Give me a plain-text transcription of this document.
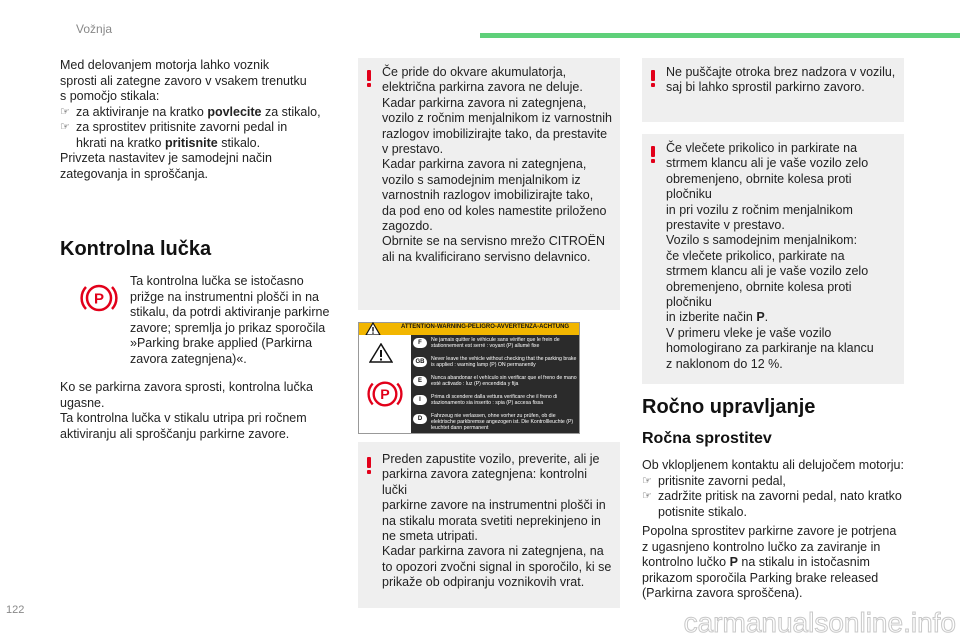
Vožnja

Med delovanjem motorja lahko voznik

sprosti ali zategne zavoro v vsakem trenutku

s pomočjo stikala:

☞ za aktiviranje na kratko povlecite za stikalo,
☞ za sprostitev pritisnite zavorni pedal in
hkrati na kratko pritisnite stikalo.

Privzeta nastavitev je samodejni način

zategovanja in sproščanja.

Kontrolna lučka
P

Ta kontrolna lučka se istočasno

prižge na instrumentni plošči in na

stikalu, da potrdi aktiviranje parkirne

zavore; spremlja jo prikaz sporočila

»Parking brake applied (Parkirna

zavora zategnjena)«.

Ko se parkirna zavora sprosti, kontrolna lučka

ugasne.

Ta kontrolna lučka v stikalu utripa pri ročnem

aktiviranju ali sproščanju parkirne zavore.

Če pride do okvare akumulatorja,

električna parkirna zavora ne deluje.

Kadar parkirna zavora ni zategnjena,

vozilo z ročnim menjalnikom iz varnostnih

razlogov imobilizirajte tako, da prestavite

v prestavo.

Kadar parkirna zavora ni zategnjena,

vozilo s samodejnim menjalnikom iz

varnostnih razlogov imobilizirajte tako,

da pod eno od koles namestite priloženo

zagozdo.

Obrnite se na servisno mrežo CITROËN

ali na kvalificirano servisno delavnico.

ATTENTION-WARNING-PELIGRO-AVVERTENZA-ACHTUNG
P
F	Ne jamais quitter le véhicule sans vérifier que le frein de stationnement est serré : voyant (P) allumé fixe
GB	Never leave the vehicle without checking that the parking brake is applied : warning lamp (P) ON permanently
E	Nunca abandonar el vehículo sin verificar que el freno de mano esté activado : luz (P) encendida y fija
I	Prima di scendere dalla vettura verificare che il freno di stazionamento sia inserito : spia (P) accesa fissa
D	Fahrzeug nie verlassen, ohne vorher zu prüfen, ob die elektrische parkbremse angezogen ist. Die Kontrollleuchte (P) leuchtet dann permanent

Preden zapustite vozilo, preverite, ali je

parkirna zavora zategnjena: kontrolni lučki

parkirne zavore na instrumentni plošči in

na stikalu morata svetiti neprekinjeno in

ne smeta utripati.

Kadar parkirna zavora ni zategnjena, na

to opozori zvočni signal in sporočilo, ki se

prikaže ob odpiranju voznikovih vrat.

Ne puščajte otroka brez nadzora v vozilu,

saj bi lahko sprostil parkirno zavoro.

Če vlečete prikolico in parkirate na

strmem klancu ali je vaše vozilo zelo

obremenjeno, obrnite kolesa proti pločniku

in pri vozilu z ročnim menjalnikom

prestavite v prestavo.

Vozilo s samodejnim menjalnikom:

če vlečete prikolico, parkirate na

strmem klancu ali je vaše vozilo zelo

obremenjeno, obrnite kolesa proti pločniku

in izberite način P.

V primeru vleke je vaše vozilo

homologirano za parkiranje na klancu

z naklonom do 12 %.

Ročno upravljanje
Ročna sprostitev

Ob vklopljenem kontaktu ali delujočem motorju:

☞ pritisnite zavorni pedal,
☞ zadržite pritisk na zavorni pedal, nato kratko
potisnite stikalo.

Popolna sprostitev parkirne zavore je potrjena

z ugasnjeno kontrolno lučko za zaviranje in

kontrolno lučko P na stikalu in istočasnim

prikazom sporočila Parking brake released

(Parkirna zavora sproščena).

122	carmanualsonline.info
